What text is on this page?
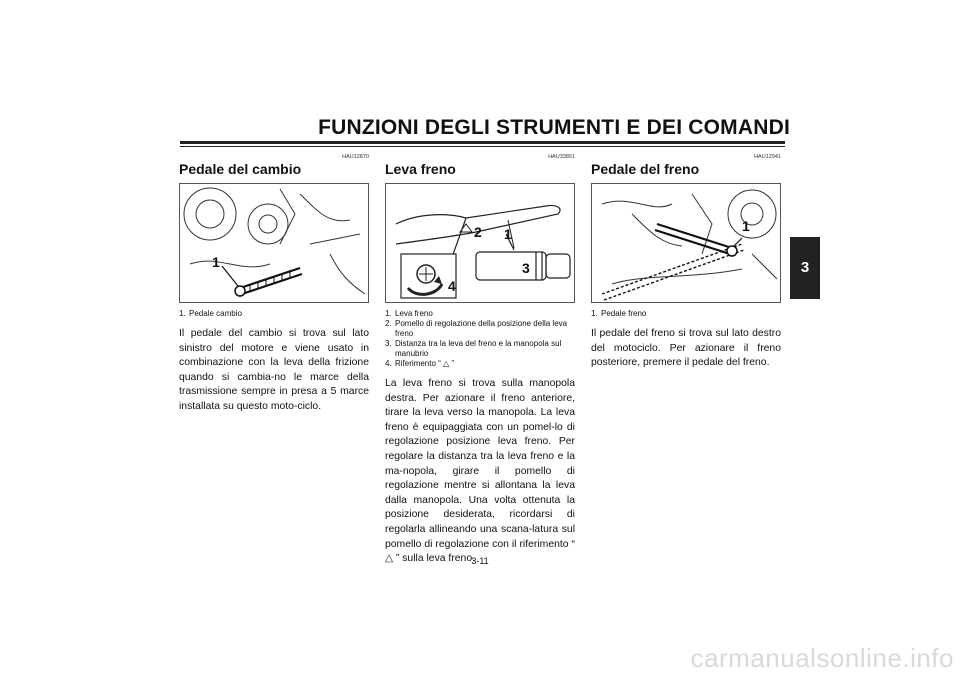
FUNZIONI DEGLI STRUMENTI E DEI COMANDI
3
HAU12870
Pedale del cambio
1
1. Pedale cambio
Il pedale del cambio si trova sul lato sinistro del motore e viene usato in combinazione con la leva della frizione quando si cambia-no le marce della trasmissione sempre in presa a 5 marce installata su questo moto-ciclo.
HAU33851
Leva freno
2 1
3
4
1. Leva freno
2. Pomello di regolazione della posizione della leva freno
3. Distanza tra la leva del freno e la manopola sul manubrio
4. Riferimento “ △ ”
La leva freno si trova sulla manopola destra. Per azionare il freno anteriore, tirare la leva verso la manopola. La leva freno è equipaggiata con un pomel-lo di regolazione posizione leva freno. Per regolare la distanza tra la leva freno e la ma-nopola, girare il pomello di regolazione mentre si allontana la leva dalla manopola. Una volta ottenuta la posizione desiderata, ricordarsi di regolarla allineando una scana-latura sul pomello di regolazione con il riferimento “ △ ” sulla leva freno.
HAU12941
Pedale del freno
1
1. Pedale freno
Il pedale del freno si trova sul lato destro del motociclo. Per azionare il freno posteriore, premere il pedale del freno.
3-11
carmanualsonline.info
